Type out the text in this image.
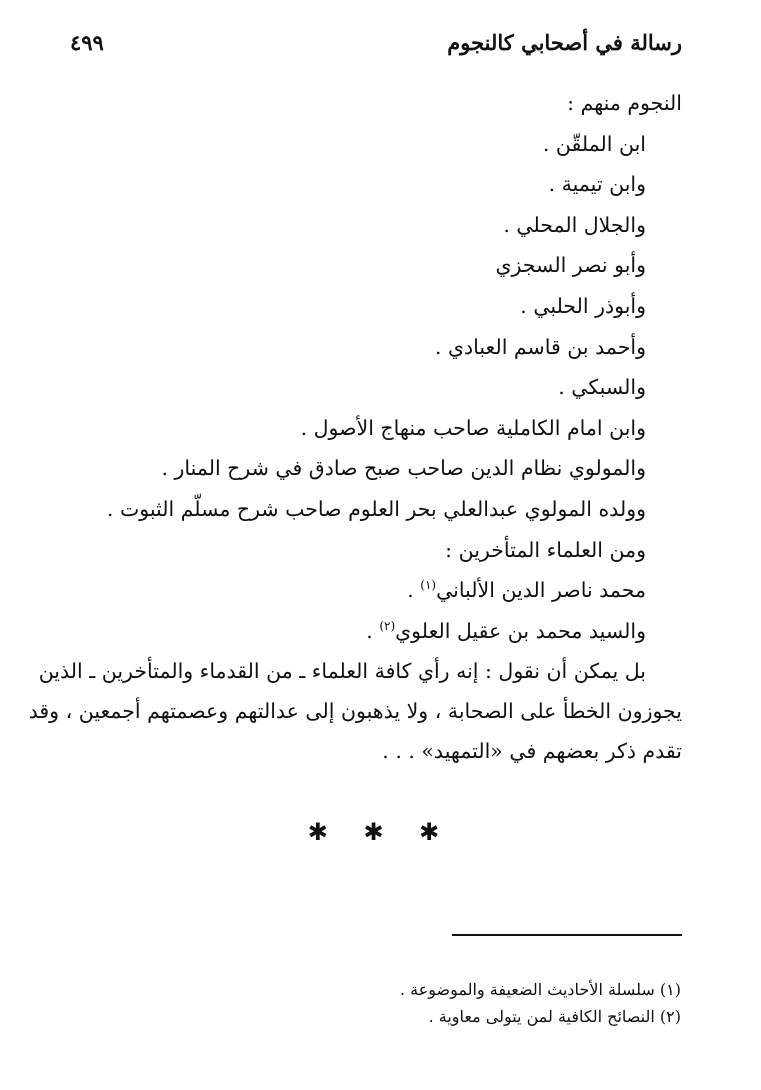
رسالة في أصحابي كالنجوم
٤٩٩
النجوم منهم :
ابن الملقّن .
وابن تيمية .
والجلال المحلي .
وأبو نصر السجزي
وأبوذر الحلبي .
وأحمد بن قاسم العبادي .
والسبكي .
وابن امام الكاملية صاحب منهاج الأصول .
والمولوي نظام الدين صاحب صبح صادق في شرح المنار .
وولده المولوي عبدالعلي بحر العلوم صاحب شرح مسلّم الثبوت .
ومن العلماء المتأخرين :
محمد ناصر الدين الألباني$^{(١)}$ .
والسيد محمد بن عقيل العلوي$^{(٢)}$ .
بل يمكن أن نقول : إنه رأي كافة العلماء ـ من القدماء والمتأخرين ـ الذين
يجوزون الخطأ على الصحابة ، ولا يذهبون إلى عدالتهم وعصمتهم أجمعين ، وقد
تقدم ذكر بعضهم في «التمهيد» . . .
✱ ✱ ✱
(١) سلسلة الأحاديث الضعيفة والموضوعة .
(٢) النصائح الكافية لمن يتولى معاوية .
